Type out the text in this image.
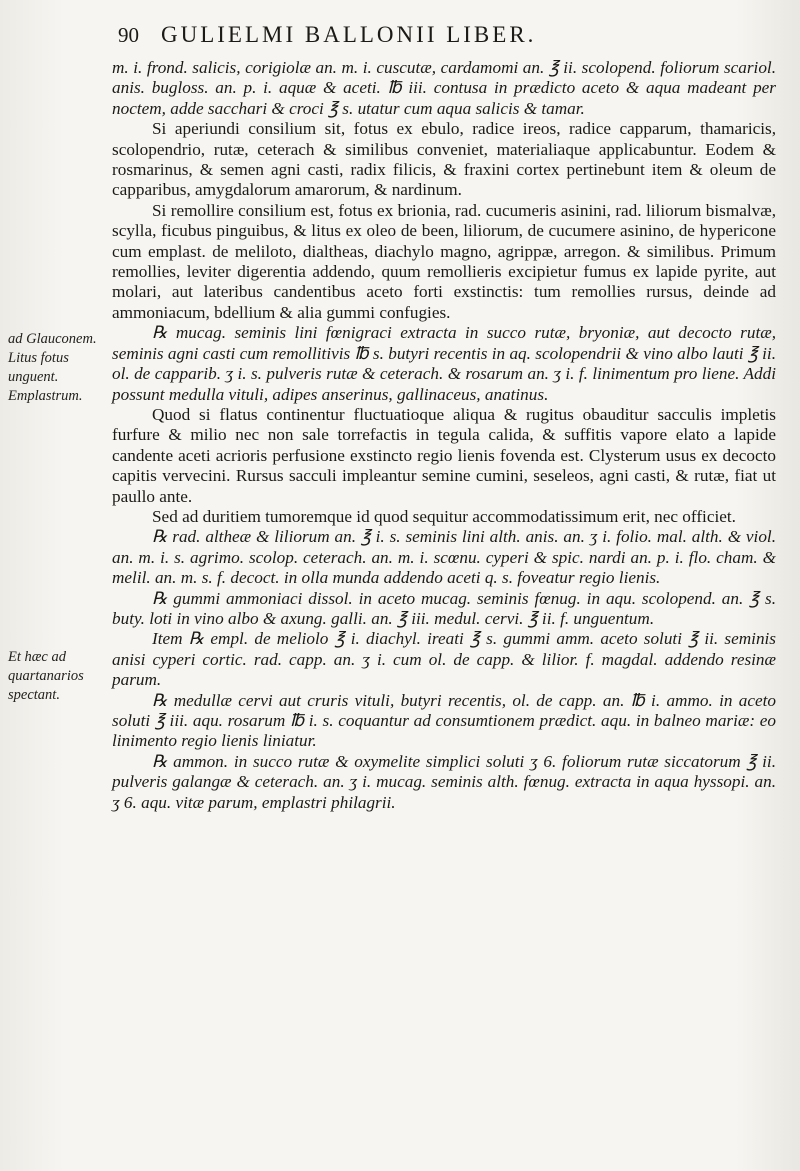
90 GULIELMI BALLONII LIBER.
ad Glauconem. Litus fotus unguent. Emplastrum.
Et hæc ad quartanarios spectant.

m. i. frond. salicis, corigiolæ an. m. i. cuscutæ, cardamomi an. ℥ ii. scolopend. foliorum scariol. anis. bugloss. an. p. i. aquæ & aceti. ℔ iii. contusa in prædicto aceto & aqua madeant per noctem, adde sacchari & croci ℥ s. utatur cum aqua salicis & tamar.

Si aperiundi consilium sit, fotus ex ebulo, radice ireos, radice capparum, thamaricis, scolopendrio, rutæ, ceterach & similibus conveniet, materialiaque applicabuntur. Eodem & rosmarinus, & semen agni casti, radix filicis, & fraxini cortex pertinebunt item & oleum de capparibus, amygdalorum amarorum, & nardinum.

Si remollire consilium est, fotus ex brionia, rad. cucumeris asinini, rad. liliorum bismalvæ, scylla, ficubus pinguibus, & litus ex oleo de been, liliorum, de cucumere asinino, de hypericone cum emplast. de meliloto, dialtheas, diachylo magno, agrippæ, arregon. & similibus. Primum remollies, leviter digerentia addendo, quum remollieris excipietur fumus ex lapide pyrite, aut molari, aut lateribus candentibus aceto forti exstinctis: tum remollies rursus, deinde ad ammoniacum, bdellium & alia gummi confugies.

℞ mucag. seminis lini fœnigraci extracta in succo rutæ, bryoniæ, aut decocto rutæ, seminis agni casti cum remollitivis ℔ s. butyri recentis in aq. scolopendrii & vino albo lauti ℥ ii. ol. de capparib. ʒ i. s. pulveris rutæ & ceterach. & rosarum an. ʒ i. f. linimentum pro liene. Addi possunt medulla vituli, adipes anserinus, gallinaceus, anatinus.

Quod si flatus continentur fluctuatioque aliqua & rugitus obauditur sacculis impletis furfure & milio nec non sale torrefactis in tegula calida, & suffitis vapore elato a lapide candente aceti acrioris perfusione exstincto regio lienis fovenda est. Clysterum usus ex decocto capitis vervecini. Rursus sacculi impleantur semine cumini, seseleos, agni casti, & rutæ, fiat ut paullo ante.

Sed ad duritiem tumoremque id quod sequitur accommodatissimum erit, nec officiet.

℞ rad. altheæ & liliorum an. ℥ i. s. seminis lini alth. anis. an. ʒ i. folio. mal. alth. & viol. an. m. i. s. agrimo. scolop. ceterach. an. m. i. scœnu. cyperi & spic. nardi an. p. i. flo. cham. & melil. an. m. s. f. decoct. in olla munda addendo aceti q. s. foveatur regio lienis.

℞ gummi ammoniaci dissol. in aceto mucag. seminis fœnug. in aqu. scolopend. an. ℥ s. buty. loti in vino albo & axung. galli. an. ℥ iii. medul. cervi. ℥ ii. f. unguentum.

Item ℞ empl. de meliolo ℥ i. diachyl. ireati ℥ s. gummi amm. aceto soluti ℥ ii. seminis anisi cyperi cortic. rad. capp. an. ʒ i. cum ol. de capp. & lilior. f. magdal. addendo resinæ parum.

℞ medullæ cervi aut cruris vituli, butyri recentis, ol. de capp. an. ℔ i. ammo. in aceto soluti ℥ iii. aqu. rosarum ℔ i. s. coquantur ad consumtionem prædict. aqu. in balneo mariæ: eo linimento regio lienis liniatur.

℞ ammon. in succo rutæ & oxymelite simplici soluti ʒ 6. foliorum rutæ siccatorum ℥ ii. pulveris galangæ & ceterach. an. ʒ i. mucag. seminis alth. fœnug. extracta in aqua hyssopi. an. ʒ 6. aqu. vitæ parum, emplastri philagrii.
